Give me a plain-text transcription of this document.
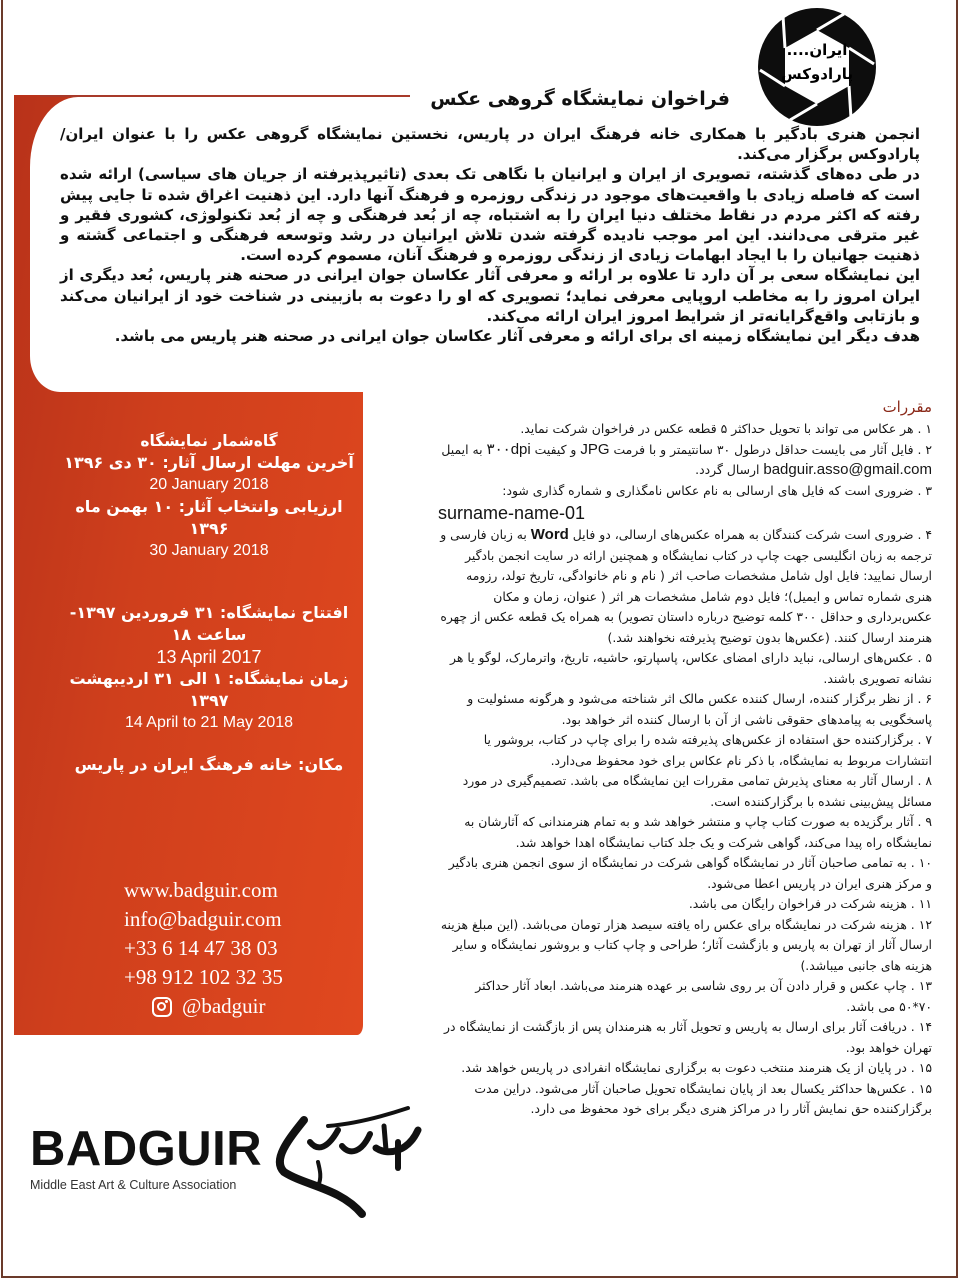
ایران....
پارادوکس
فراخوان نمایشگاه گروهی عکس

انجمن هنری بادگیر با همکاری خانه فرهنگ ایران در پاریس، نخستین نمایشگاه گروهی عکس را با عنوان ایران/پارادوکس برگزار می‌کند.

در طی ده‌های گذشته، تصویری از ایران و ایرانیان با نگاهی تک بعدی (تاثیرپذیرفته از جریان های سیاسی) ارائه شده است که فاصله زیادی با واقعیت‌های موجود در زندگی روزمره و فرهنگ آنها دارد. این ذهنیت اغراق شده تا جایی پیش رفته که اکثر مردم در نقاط مختلف دنیا ایران را به اشتباه، چه از بُعد فرهنگی و چه از بُعد تکنولوژی، کشوری فقیر و غیر مترقی می‌دانند. این امر موجب نادیده گرفته شدن تلاش ایرانیان در رشد وتوسعه فرهنگی و اجتماعی گشته و ذهنیت جهانیان را با ایجاد ابهامات زیادی از زندگی روزمره و فرهنگ آنان، مسموم کرده است.

این نمایشگاه سعی بر آن دارد تا علاوه بر ارائه و معرفی آثار عکاسان جوان ایرانی در صحنه هنر پاریس، بُعد دیگری از ایران امروز را به مخاطب اروپایی معرفی نماید؛ تصویری که او را دعوت به بازبینی در شناخت خود از ایرانیان می‌کند و بازتابی واقع‌گرایانه‌تر از شرایط امروز ایران ارائه می‌کند.

هدف دیگر این نمایشگاه زمینه ای برای ارائه و معرفی آثار عکاسان جوان ایرانی در صحنه هنر پاریس می باشد.

گاه‌شمار نمایشگاه
آخرین مهلت ارسال آثار: ۳۰ دی ۱۳۹۶
20 January 2018
ارزیابی وانتخاب آثار: ۱۰ بهمن ماه ۱۳۹۶
30 January 2018
افتتاح نمایشگاه: ۳۱ فروردین ۱۳۹۷- ساعت ۱۸
13 April 2017
زمان نمایشگاه: ۱ الی ۳۱ اردیبهشت ۱۳۹۷
14 April to 21 May 2018
مکان: خانه فرهنگ ایران در پاریس
www.badguir.com
info@badguir.com
+33 6 14 47 38 03
+98 912 102 32 35
@badguir
مقررات

۱ . هر عکاس می تواند با تحویل حداکثر ۵ قطعه عکس در فراخوان شرکت نماید.

۲ . فایل آثار می بایست حداقل درطول ۳۰ سانتیمتر و با فرمت JPG و کیفیت ۳۰۰dpi به ایمیل badguir.asso@gmail.com ارسال گردد.

۳ . ضروری است که فایل های ارسالی به نام عکاس نامگذاری و شماره گذاری شود:

surname-name-01

۴ . ضروری است شرکت کنندگان به همراه عکس‌های ارسالی، دو فایل Word به زبان فارسی و ترجمه به زبان انگلیسی جهت چاپ در کتاب نمایشگاه و همچنین ارائه در سایت انجمن بادگیر ارسال نمایید: فایل اول شامل مشخصات صاحب اثر ( نام و نام خانوادگی، تاریخ تولد، رزومه هنری شماره تماس و ایمیل)؛ فایل دوم شامل مشخصات هر اثر ( عنوان، زمان و مکان عکس‌برداری و حداقل ۳۰۰ کلمه توضیح درباره داستان تصویر) به همراه یک قطعه عکس از چهره هنرمند ارسال کنند. (عکس‌ها بدون توضیح پذیرفته نخواهند شد.)

۵ . عکس‌های ارسالی، نباید دارای امضای عکاس، پاسپارتو، حاشیه، تاریخ، واترمارک، لوگو یا هر نشانه تصویری باشند.

۶ . از نظر برگزار کننده، ارسال کننده عکس مالک اثر شناخته می‌شود و هرگونه مسئولیت و پاسخگویی به پیامدهای حقوقی ناشی از آن با ارسال کننده اثر خواهد بود.

۷ . برگزارکننده حق استفاده از عکس‌های پذیرفته شده را برای چاپ در کتاب، بروشور یا انتشارات مربوط به نمایشگاه، با ذکر نام عکاس برای خود محفوظ می‌دارد.

۸ . ارسال آثار به معنای پذیرش تمامی مقررات این نمایشگاه می باشد. تصمیم‌گیری در مورد مسائل پیش‌بینی نشده با برگزارکننده است.

۹ . آثار برگزیده به صورت کتاب چاپ و منتشر خواهد شد و به تمام هنرمندانی که آثارشان به نمایشگاه راه پیدا می‌کند، گواهی شرکت و یک جلد کتاب نمایشگاه اهدا خواهد شد.

۱۰ . به تمامی صاحبان آثار در نمایشگاه گواهی شرکت در نمایشگاه از سوی انجمن هنری بادگیر و مرکز هنری ایران در پاریس اعطا می‌شود.

۱۱ . هزینه شرکت در فراخوان رایگان می باشد.

۱۲ . هزینه شرکت در نمایشگاه برای عکس راه یافته سیصد هزار تومان می‌باشد. (این مبلغ هزینه ارسال آثار از تهران به پاریس و بازگشت آثار؛ طراحی و چاپ کتاب و بروشور نمایشگاه و سایر هزینه های جانبی میباشد.)

۱۳ . چاپ عکس و قرار دادن آن بر روی شاسی بر عهده هنرمند می‌باشد. ابعاد آثار حداکثر ۷۰*۵۰ می باشد.

۱۴ . دریافت آثار برای ارسال به پاریس و تحویل آثار به هنرمندان پس از بازگشت از نمایشگاه در تهران خواهد بود.

۱۵ . در پایان از یک هنرمند منتخب دعوت به برگزاری نمایشگاه انفرادی در پاریس خواهد شد.

۱۵ . عکس‌ها حداکثر یکسال بعد از پایان نمایشگاه تحویل صاحبان آثار می‌شود. دراین مدت برگزارکننده حق نمایش آثار را در مراکز هنری دیگر برای خود محفوظ می دارد.

BADGUIR
Middle East Art & Culture Association
